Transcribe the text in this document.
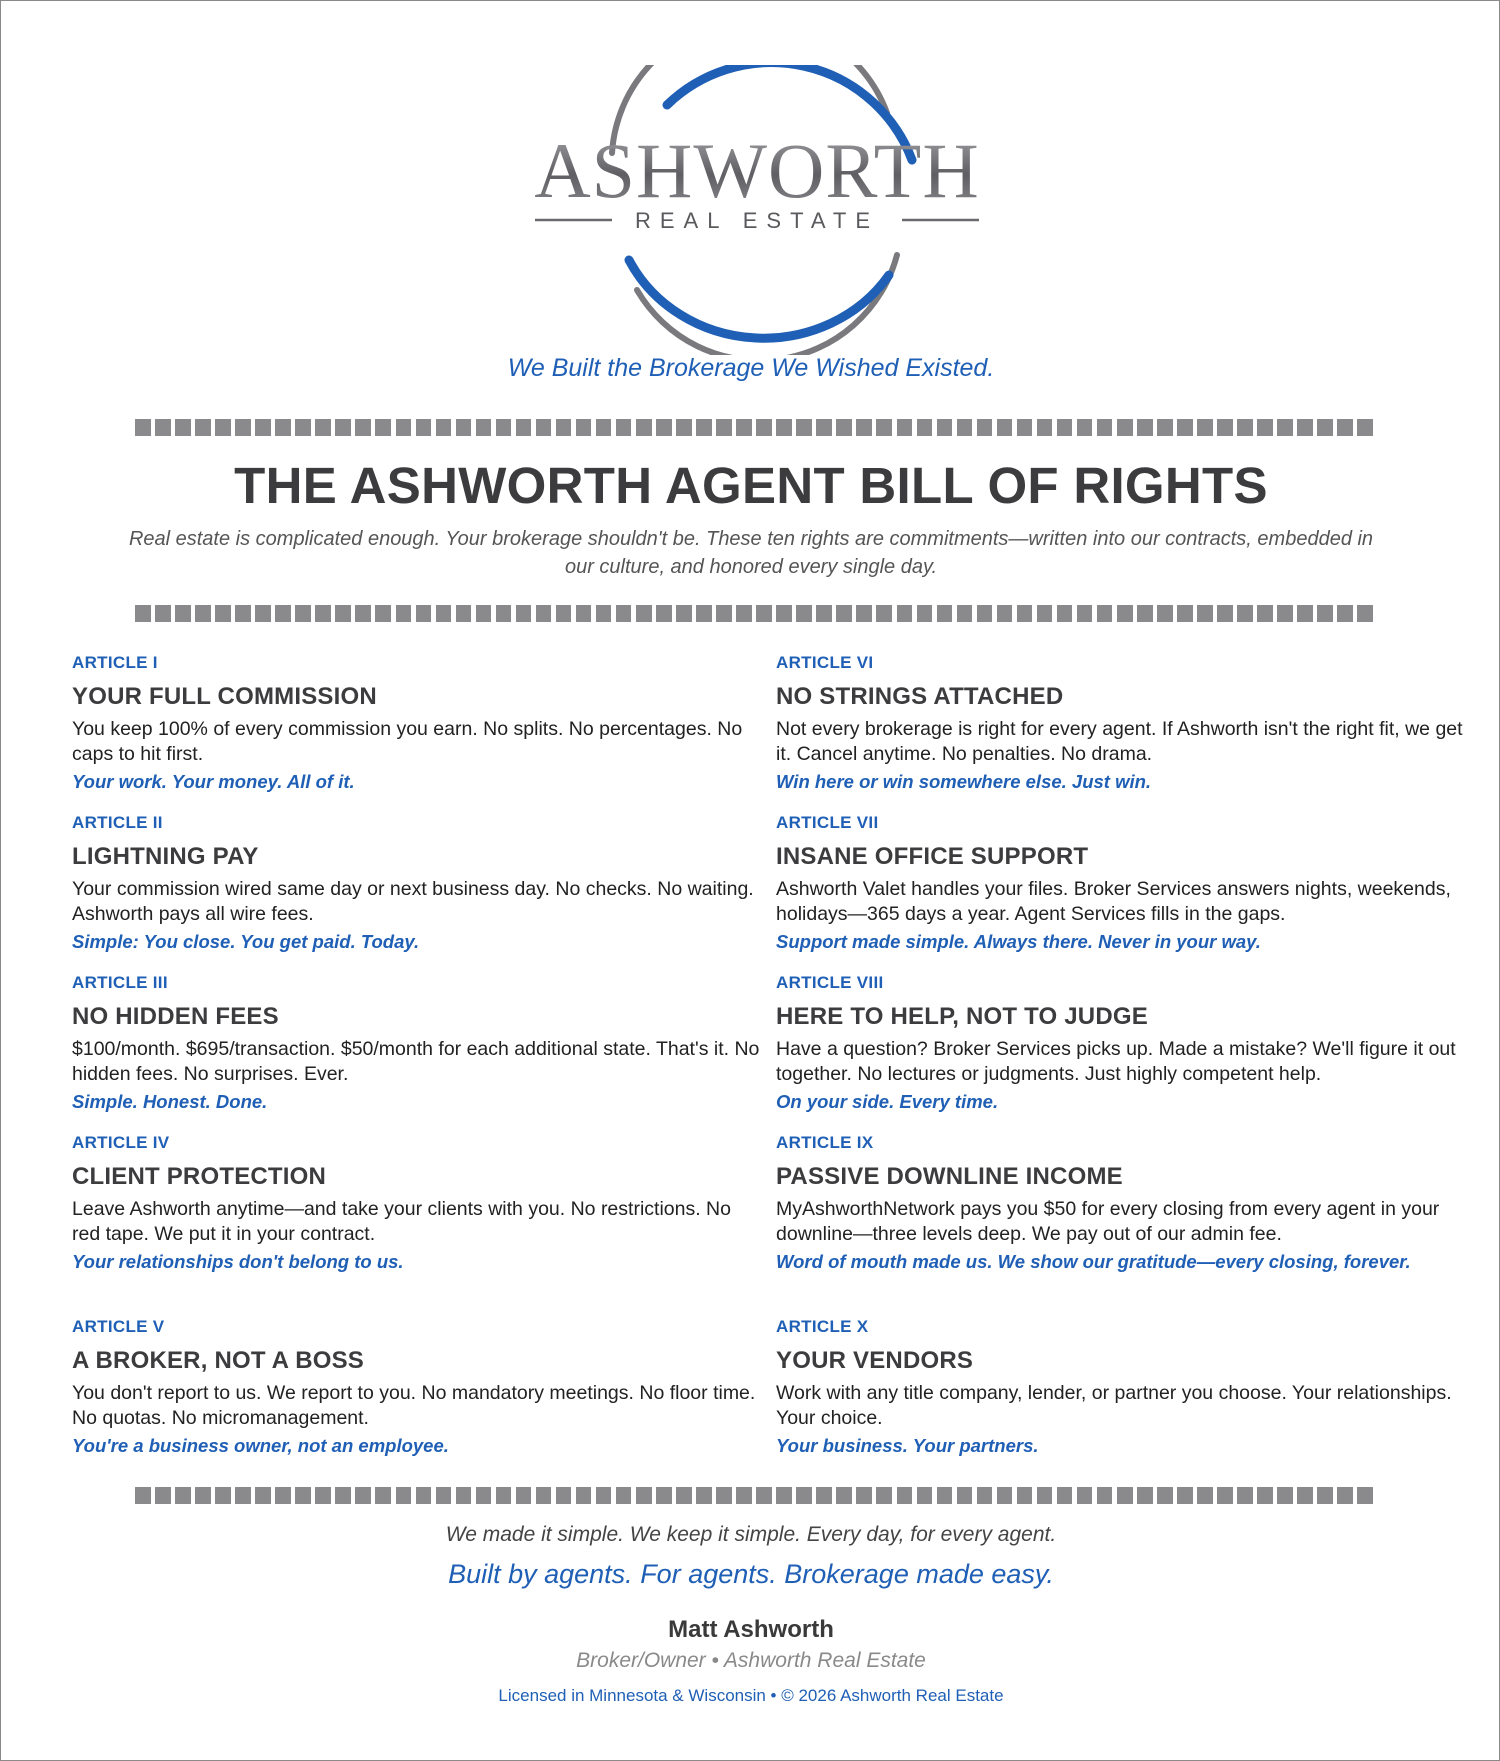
ASHWORTH
REAL ESTATE
We Built the Brokerage We Wished Existed.
THE ASHWORTH AGENT BILL OF RIGHTS
Real estate is complicated enough. Your brokerage shouldn't be. These ten rights are commitments—written into our contracts, embedded in our culture, and honored every single day.
ARTICLE I
YOUR FULL COMMISSION
You keep 100% of every commission you earn. No splits. No percentages. No caps to hit first.
Your work. Your money. All of it.
ARTICLE II
LIGHTNING PAY
Your commission wired same day or next business day. No checks. No waiting. Ashworth pays all wire fees.
Simple: You close. You get paid. Today.
ARTICLE III
NO HIDDEN FEES
$100/month. $695/transaction. $50/month for each additional state. That's it. No hidden fees. No surprises. Ever.
Simple. Honest. Done.
ARTICLE IV
CLIENT PROTECTION
Leave Ashworth anytime—and take your clients with you. No restrictions. No red tape. We put it in your contract.
Your relationships don't belong to us.
ARTICLE V
A BROKER, NOT A BOSS
You don't report to us. We report to you. No mandatory meetings. No floor time. No quotas. No micromanagement.
You're a business owner, not an employee.
ARTICLE VI
NO STRINGS ATTACHED
Not every brokerage is right for every agent. If Ashworth isn't the right fit, we get it. Cancel anytime. No penalties. No drama.
Win here or win somewhere else. Just win.
ARTICLE VII
INSANE OFFICE SUPPORT
Ashworth Valet handles your files. Broker Services answers nights, weekends, holidays—365 days a year. Agent Services fills in the gaps.
Support made simple. Always there. Never in your way.
ARTICLE VIII
HERE TO HELP, NOT TO JUDGE
Have a question? Broker Services picks up. Made a mistake? We'll figure it out together. No lectures or judgments. Just highly competent help.
On your side. Every time.
ARTICLE IX
PASSIVE DOWNLINE INCOME
MyAshworthNetwork pays you $50 for every closing from every agent in your downline—three levels deep. We pay out of our admin fee.
Word of mouth made us. We show our gratitude—every closing, forever.
ARTICLE X
YOUR VENDORS
Work with any title company, lender, or partner you choose. Your relationships. Your choice.
Your business. Your partners.
We made it simple. We keep it simple. Every day, for every agent.
Built by agents. For agents. Brokerage made easy.
Matt Ashworth
Broker/Owner • Ashworth Real Estate
Licensed in Minnesota & Wisconsin • © 2026 Ashworth Real Estate
